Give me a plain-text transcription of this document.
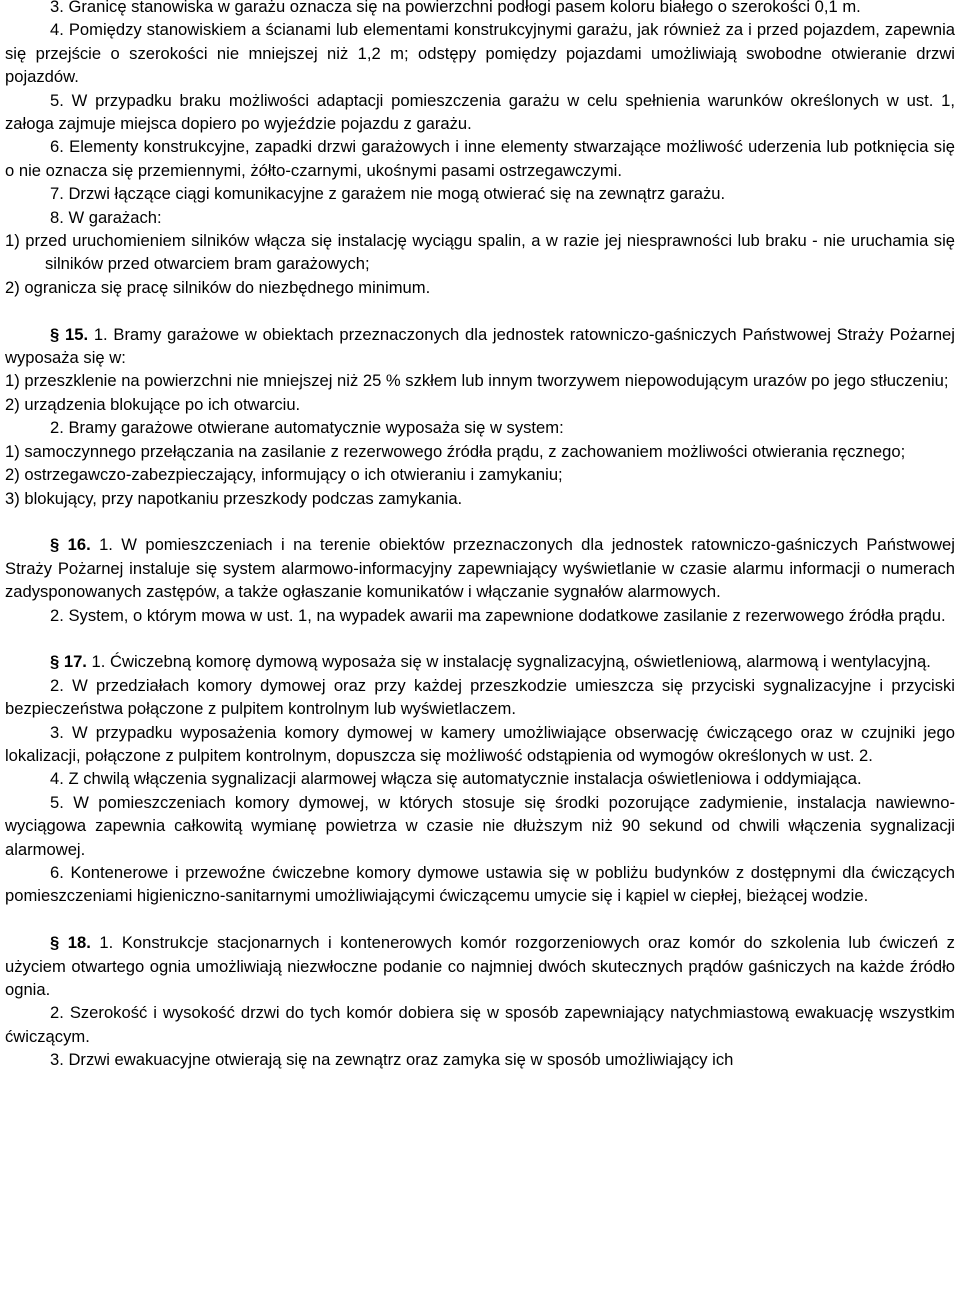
3. Granicę stanowiska w garażu oznacza się na powierzchni podłogi pasem koloru białego o szerokości 0,1 m.

4. Pomiędzy stanowiskiem a ścianami lub elementami konstrukcyjnymi garażu, jak również za i przed pojazdem, zapewnia się przejście o szerokości nie mniejszej niż 1,2 m; odstępy pomiędzy pojazdami umożliwiają swobodne otwieranie drzwi pojazdów.

5. W przypadku braku możliwości adaptacji pomieszczenia garażu w celu spełnienia warunków określonych w ust. 1, załoga zajmuje miejsca dopiero po wyjeździe pojazdu z garażu.

6. Elementy konstrukcyjne, zapadki drzwi garażowych i inne elementy stwarzające możliwość uderzenia lub potknięcia się o nie oznacza się przemiennymi, żółto-czarnymi, ukośnymi pasami ostrzegawczymi.

7. Drzwi łączące ciągi komunikacyjne z garażem nie mogą otwierać się na zewnątrz garażu.

8. W garażach:

1) przed uruchomieniem silników włącza się instalację wyciągu spalin, a w razie jej niesprawności lub braku - nie uruchamia się silników przed otwarciem bram garażowych;

2) ogranicza się pracę silników do niezbędnego minimum.

§ 15. 1. Bramy garażowe w obiektach przeznaczonych dla jednostek ratowniczo-gaśniczych Państwowej Straży Pożarnej wyposaża się w:

1) przeszklenie na powierzchni nie mniejszej niż 25 % szkłem lub innym tworzywem niepowodującym urazów po jego stłuczeniu;

2) urządzenia blokujące po ich otwarciu.

2. Bramy garażowe otwierane automatycznie wyposaża się w system:

1) samoczynnego przełączania na zasilanie z rezerwowego źródła prądu, z zachowaniem możliwości otwierania ręcznego;

2) ostrzegawczo-zabezpieczający, informujący o ich otwieraniu i zamykaniu;

3) blokujący, przy napotkaniu przeszkody podczas zamykania.

§ 16. 1. W pomieszczeniach i na terenie obiektów przeznaczonych dla jednostek ratowniczo-gaśniczych Państwowej Straży Pożarnej instaluje się system alarmowo-informacyjny zapewniający wyświetlanie w czasie alarmu informacji o numerach zadysponowanych zastępów, a także ogłaszanie komunikatów i włączanie sygnałów alarmowych.

2. System, o którym mowa w ust. 1, na wypadek awarii ma zapewnione dodatkowe zasilanie z rezerwowego źródła prądu.

§ 17. 1. Ćwiczebną komorę dymową wyposaża się w instalację sygnalizacyjną, oświetleniową, alarmową i wentylacyjną.

2. W przedziałach komory dymowej oraz przy każdej przeszkodzie umieszcza się przyciski sygnalizacyjne i przyciski bezpieczeństwa połączone z pulpitem kontrolnym lub wyświetlaczem.

3. W przypadku wyposażenia komory dymowej w kamery umożliwiające obserwację ćwiczącego oraz w czujniki jego lokalizacji, połączone z pulpitem kontrolnym, dopuszcza się możliwość odstąpienia od wymogów określonych w ust. 2.

4. Z chwilą włączenia sygnalizacji alarmowej włącza się automatycznie instalacja oświetleniowa i oddymiająca.

5. W pomieszczeniach komory dymowej, w których stosuje się środki pozorujące zadymienie, instalacja nawiewno-wyciągowa zapewnia całkowitą wymianę powietrza w czasie nie dłuższym niż 90 sekund od chwili włączenia sygnalizacji alarmowej.

6. Kontenerowe i przewoźne ćwiczebne komory dymowe ustawia się w pobliżu budynków z dostępnymi dla ćwiczących pomieszczeniami higieniczno-sanitarnymi umożliwiającymi ćwiczącemu umycie się i kąpiel w ciepłej, bieżącej wodzie.

§ 18. 1. Konstrukcje stacjonarnych i kontenerowych komór rozgorzeniowych oraz komór do szkolenia lub ćwiczeń z użyciem otwartego ognia umożliwiają niezwłoczne podanie co najmniej dwóch skutecznych prądów gaśniczych na każde źródło ognia.

2. Szerokość i wysokość drzwi do tych komór dobiera się w sposób zapewniający natychmiastową ewakuację wszystkim ćwiczącym.

3. Drzwi ewakuacyjne otwierają się na zewnątrz oraz zamyka się w sposób umożliwiający ich
